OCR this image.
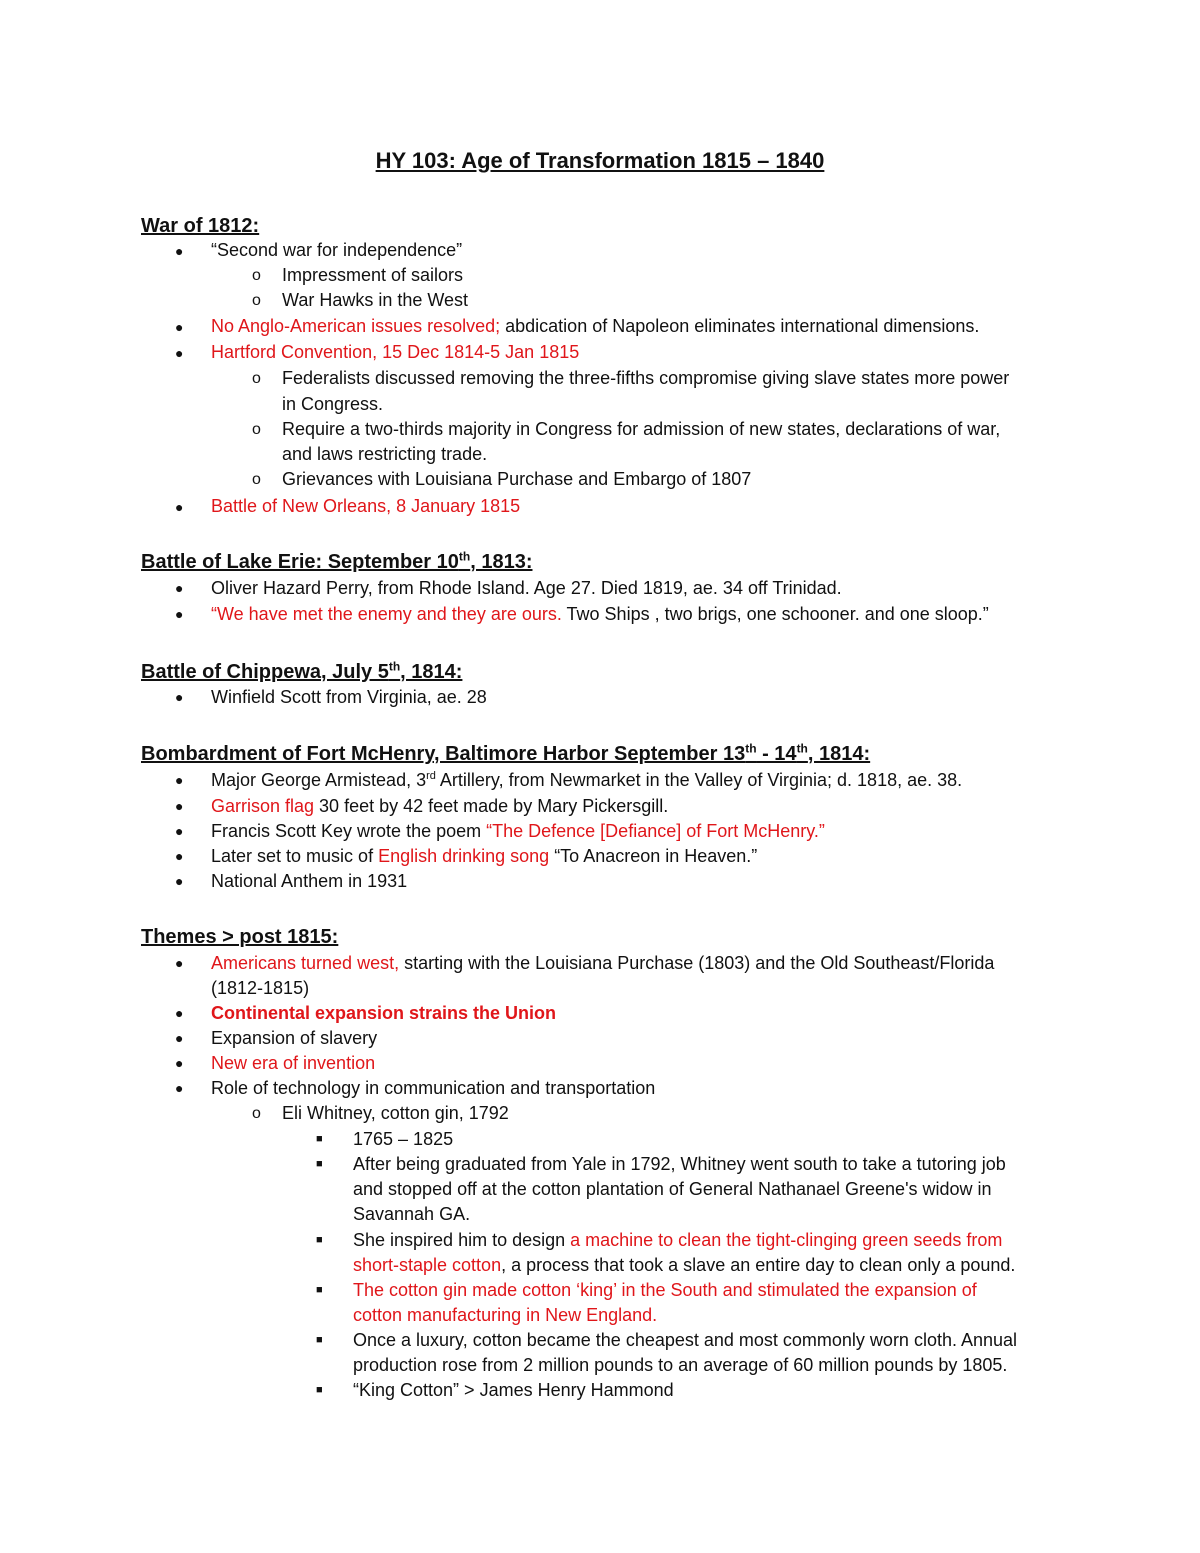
HY 103: Age of Transformation 1815 – 1840
War of 1812:
● “Second war for independence”
o Impressment of sailors
o War Hawks in the West
● No Anglo-American issues resolved; abdication of Napoleon eliminates international dimensions.
● Hartford Convention, 15 Dec 1814-5 Jan 1815
o Federalists discussed removing the three-fifths compromise giving slave states more power
in Congress.
o Require a two-thirds majority in Congress for admission of new states, declarations of war,
and laws restricting trade.
o Grievances with Louisiana Purchase and Embargo of 1807
● Battle of New Orleans, 8 January 1815
Battle of Lake Erie: September 10th, 1813:
● Oliver Hazard Perry, from Rhode Island. Age 27. Died 1819, ae. 34 off Trinidad.
● “We have met the enemy and they are ours. Two Ships , two brigs, one schooner. and one sloop.”
Battle of Chippewa, July 5th, 1814:
● Winfield Scott from Virginia, ae. 28
Bombardment of Fort McHenry, Baltimore Harbor September 13th - 14th, 1814:
● Major George Armistead, 3rd Artillery, from Newmarket in the Valley of Virginia; d. 1818, ae. 38.
● Garrison flag 30 feet by 42 feet made by Mary Pickersgill.
● Francis Scott Key wrote the poem “The Defence [Defiance] of Fort McHenry.”
● Later set to music of English drinking song “To Anacreon in Heaven.”
● National Anthem in 1931
Themes > post 1815:
● Americans turned west, starting with the Louisiana Purchase (1803) and the Old Southeast/Florida
(1812-1815)
● Continental expansion strains the Union
● Expansion of slavery
● New era of invention
● Role of technology in communication and transportation
o Eli Whitney, cotton gin, 1792
■ 1765 – 1825
■ After being graduated from Yale in 1792, Whitney went south to take a tutoring job
and stopped off at the cotton plantation of General Nathanael Greene's widow in
Savannah GA.
■ She inspired him to design a machine to clean the tight-clinging green seeds from
short-staple cotton, a process that took a slave an entire day to clean only a pound.
■ The cotton gin made cotton ‘king’ in the South and stimulated the expansion of
cotton manufacturing in New England.
■ Once a luxury, cotton became the cheapest and most commonly worn cloth. Annual
production rose from 2 million pounds to an average of 60 million pounds by 1805.
■ “King Cotton” > James Henry Hammond
